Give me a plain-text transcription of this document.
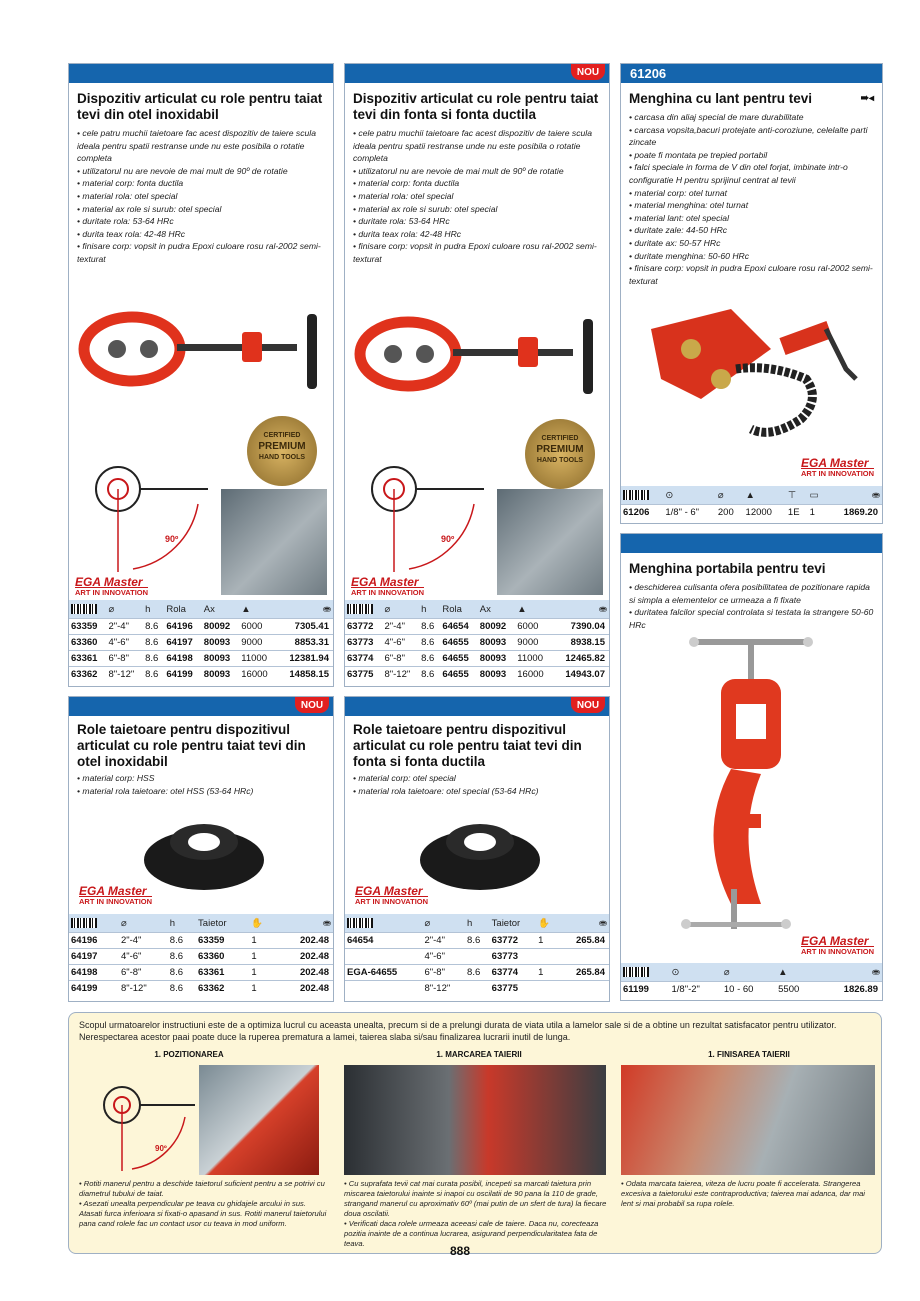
Dispozitiv articulat cu role pentru taiat tevi din otel inoxidabil
• cele patru muchii taietoare fac acest dispozitiv de taiere scula ideala pentru spatii restranse unde nu este posibila o rotatie completa
• utilizatorul nu are nevoie de mai mult de 90º de rotatie
• material corp: fonta ductila
• material rola: otel special
• material ax role si surub: otel special
• duritate rola: 53-64 HRc
• durita teax rola: 42-48 HRc
• finisare corp: vopsit in pudra Epoxi culoare rosu ral-2002 semi-texturat
CERTIFIED
PREMIUM
HAND TOOLS
90º
EGA Master
ART IN INNOVATION
	⌀	h	Rola	Ax	▲	⛂
63359	2"-4"	8.6	64196	80092	6000	7305.41
63360	4"-6"	8.6	64197	80093	9000	8853.31
63361	6"-8"	8.6	64198	80093	11000	12381.94
63362	8"-12"	8.6	64199	80093	16000	14858.15
NOU
Dispozitiv articulat cu role pentru taiat tevi din fonta si fonta ductila
• cele patru muchii taietoare fac acest dispozitiv de taiere scula ideala pentru spatii restranse unde nu este posibila o rotatie completa
• utilizatorul nu are nevoie de mai mult de 90º de rotatie
• material corp: fonta ductila
• material rola: otel special
• material ax role si surub: otel special
• duritate rola: 53-64 HRc
• durita teax rola: 42-48 HRc
• finisare corp: vopsit in pudra Epoxi culoare rosu ral-2002 semi-texturat
CERTIFIED
PREMIUM
HAND TOOLS
90º
EGA Master
ART IN INNOVATION
	⌀	h	Rola	Ax	▲	⛂
63772	2"-4"	8.6	64654	80092	6000	7390.04
63773	4"-6"	8.6	64655	80093	9000	8938.15
63774	6"-8"	8.6	64655	80093	11000	12465.82
63775	8"-12"	8.6	64655	80093	16000	14943.07
61206
Menghina cu lant pentru tevi	➠◂
• carcasa din aliaj special de mare durabilitate
• carcasa vopsita,bacuri protejate anti-coroziune, celelalte parti zincate
• poate fi montata pe trepied portabil
• falci speciale in forma de V din otel forjat, imbinate intr-o configuratie H pentru sprijinul centrat al tevii
• material corp: otel turnat
• material menghina: otel turnat
• material lant: otel special
• duritate zale: 44-50 HRc
• duritate ax: 50-57 HRc
• duritate menghina: 50-60 HRc
• finisare corp: vopsit in pudra Epoxi culoare rosu ral-2002 semi-texturat
EGA Master
ART IN INNOVATION
	⊙	⌀	▲	⊤	▭	⛂
61206	1/8" - 6"	200	12000	1E	1	1869.20
Menghina portabila pentru tevi
• deschiderea culisanta ofera posibilitatea de pozitionare rapida si simpla a elementelor ce urmeaza a fi fixate
• duritatea falcilor special controlata si testata la strangere 50-60 HRc
EGA Master
ART IN INNOVATION
	⊙	⌀	▲	⛂
61199	1/8"-2"	10 - 60	5500	1826.89
NOU
Role taietoare pentru dispozitivul articulat cu role pentru taiat tevi din otel inoxidabil
• material corp: HSS
• material rola taietoare: otel HSS (53-64 HRc)
EGA Master
ART IN INNOVATION
	⌀	h	Taietor	✋	⛂
64196	2"-4"	8.6	63359	1	202.48
64197	4"-6"	8.6	63360	1	202.48
64198	6"-8"	8.6	63361	1	202.48
64199	8"-12"	8.6	63362	1	202.48
NOU
Role taietoare pentru dispozitivul articulat cu role pentru taiat tevi din fonta si fonta ductila
• material corp: otel special
• material rola taietoare: otel special (53-64 HRc)
EGA Master
ART IN INNOVATION
	⌀	h	Taietor	✋	⛂
64654	2"-4"	8.6	63772	1	265.84
	4"-6"		63773		
EGA-64655	6"-8"	8.6	63774	1	265.84
	8"-12"		63775		
Scopul urmatoarelor instructiuni este de a optimiza lucrul cu aceasta unealta, precum si de a prelungi durata de viata utila a lamelor sale si de a obtine un rezultat satisfacator pentru utilizator. Nerespectarea acestor paai poate duce la ruperea prematura a lamei, taierea slaba si/sau finalizarea lucrarii inutil de lunga.
1. POZITIONAREA	1. MARCAREA TAIERII	1. FINISAREA TAIERII
90º
• Rotiti manerul pentru a deschide taietorul suficient pentru a se potrivi cu diametrul tubului de taiat.
• Asezati unealta perpendicular pe teava cu ghidajele arcului in sus. Atasati furca inferioara si fixati-o apasand in sus. Rotiti manerul taietorului pana cand rolele fac un contact usor cu teava in mod uniform.
• Cu suprafata tevii cat mai curata posibil, incepeti sa marcati taietura prin miscarea taietorului inainte si inapoi cu oscilatii de 90 pana la 110 de grade, strangand manerul cu aproximativ 60º (mai putin de un sfert de tura) la fiecare doua oscilatii.
• Verificati daca rolele urmeaza aceeasi cale de taiere. Daca nu, corecteaza pozitia inainte de a continua lucrarea, asigurand perpendicularitatea fata de teava.
• Odata marcata taierea, viteza de lucru poate fi accelerata. Strangerea excesiva a taietorului este contraproductiva; taierea mai adanca, dar mai lent si mai probabil sa rupa rolele.
888
